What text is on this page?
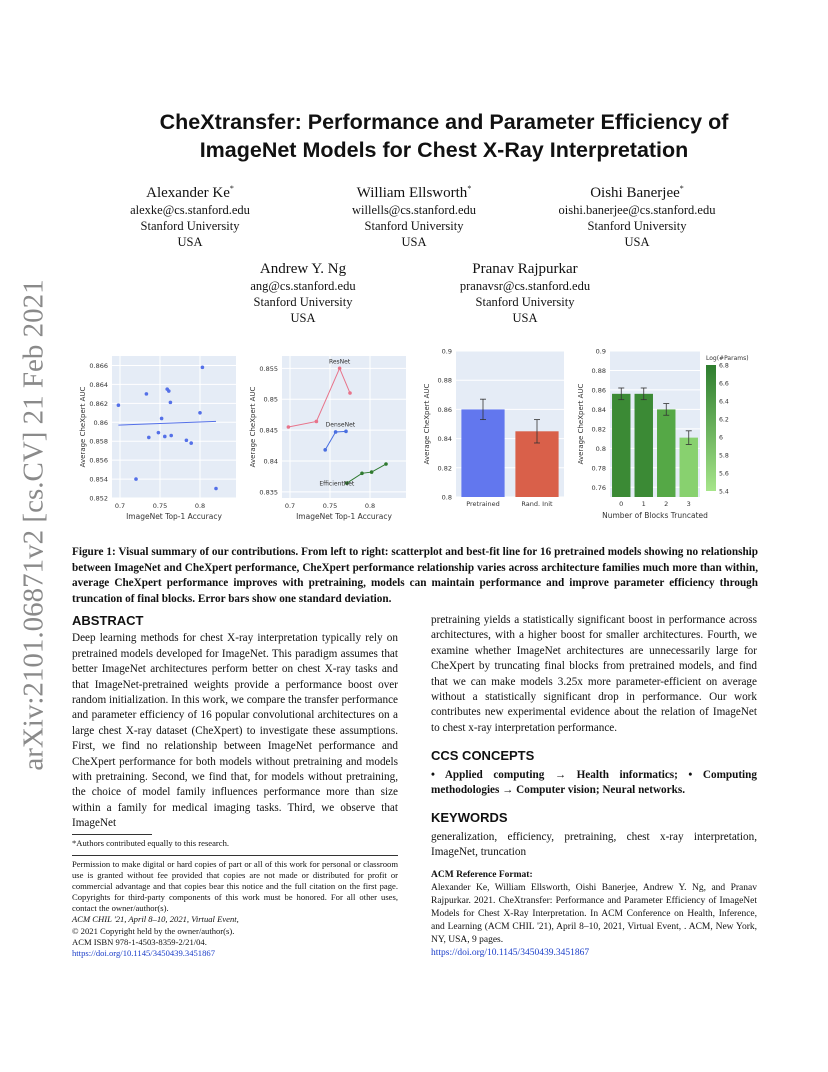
arXiv:2101.06871v2 [cs.CV] 21 Feb 2021
CheXtransfer: Performance and Parameter Efficiency of
ImageNet Models for Chest X-Ray Interpretation
Alexander Ke*
alexke@cs.stanford.edu
Stanford University
USA
William Ellsworth*
willells@cs.stanford.edu
Stanford University
USA
Oishi Banerjee*
oishi.banerjee@cs.stanford.edu
Stanford University
USA
Andrew Y. Ng
ang@cs.stanford.edu
Stanford University
USA
Pranav Rajpurkar
pranavsr@cs.stanford.edu
Stanford University
USA
0.852
0.854
0.856
0.858
0.86
0.862
0.864
0.866
Average CheXpert AUC
ImageNet Top-1 Accuracy
0.7	0.75	0.8
0.835
0.84
0.845
0.85
0.855
Average CheXpert AUC
ImageNet Top-1 Accuracy
0.7	0.75	0.8
ResNet
DenseNet
EfficientNet
0.8
0.82
0.84
0.86
0.88
0.9
Average CheXpert AUC
Pretrained	Rand. Init
0.76
0.78
0.8
0.82
0.84
0.86
0.88
0.9
Average CheXpert AUC
Number of Blocks Truncated
0	1	2	3
Log(#Params)
6.8
6.6
6.4
6.2
6
5.8
5.6
5.4
Figure 1: Visual summary of our contributions. From left to right: scatterplot and best-fit line for 16 pretrained models showing no relationship between ImageNet and CheXpert performance, CheXpert performance relationship varies across architecture families much more than within, average CheXpert performance improves with pretraining, models can maintain performance and improve parameter efficiency through truncation of final blocks. Error bars show one standard deviation.
ABSTRACT
Deep learning methods for chest X-ray interpretation typically rely on pretrained models developed for ImageNet. This paradigm assumes that better ImageNet architectures perform better on chest X-ray tasks and that ImageNet-pretrained weights provide a performance boost over random initialization. In this work, we compare the transfer performance and parameter efficiency of 16 popular convolutional architectures on a large chest X-ray dataset (CheXpert) to investigate these assumptions. First, we find no relationship between ImageNet performance and CheXpert performance for both models without pretraining and models with pretraining. Second, we find that, for models without pretraining, the choice of model family influences performance more than size within a family for medical imaging tasks. Third, we observe that ImageNet
*Authors contributed equally to this research.
Permission to make digital or hard copies of part or all of this work for personal or classroom use is granted without fee provided that copies are not made or distributed for profit or commercial advantage and that copies bear this notice and the full citation on the first page. Copyrights for third-party components of this work must be honored. For all other uses, contact the owner/author(s).
ACM CHIL '21, April 8–10, 2021, Virtual Event,
© 2021 Copyright held by the owner/author(s).
ACM ISBN 978-1-4503-8359-2/21/04.
https://doi.org/10.1145/3450439.3451867
pretraining yields a statistically significant boost in performance across architectures, with a higher boost for smaller architectures. Fourth, we examine whether ImageNet architectures are unnecessarily large for CheXpert by truncating final blocks from pretrained models, and find that we can make models 3.25x more parameter-efficient on average without a statistically significant drop in performance. Our work contributes new experimental evidence about the relation of ImageNet to chest x-ray interpretation performance.
CCS CONCEPTS
• Applied computing → Health informatics; • Computing methodologies → Computer vision; Neural networks.
KEYWORDS
generalization, efficiency, pretraining, chest x-ray interpretation, ImageNet, truncation
ACM Reference Format:
Alexander Ke, William Ellsworth, Oishi Banerjee, Andrew Y. Ng, and Pranav Rajpurkar. 2021. CheXtransfer: Performance and Parameter Efficiency of ImageNet Models for Chest X-Ray Interpretation. In ACM Conference on Health, Inference, and Learning (ACM CHIL '21), April 8–10, 2021, Virtual Event, . ACM, New York, NY, USA, 9 pages.
https://doi.org/10.1145/3450439.3451867
